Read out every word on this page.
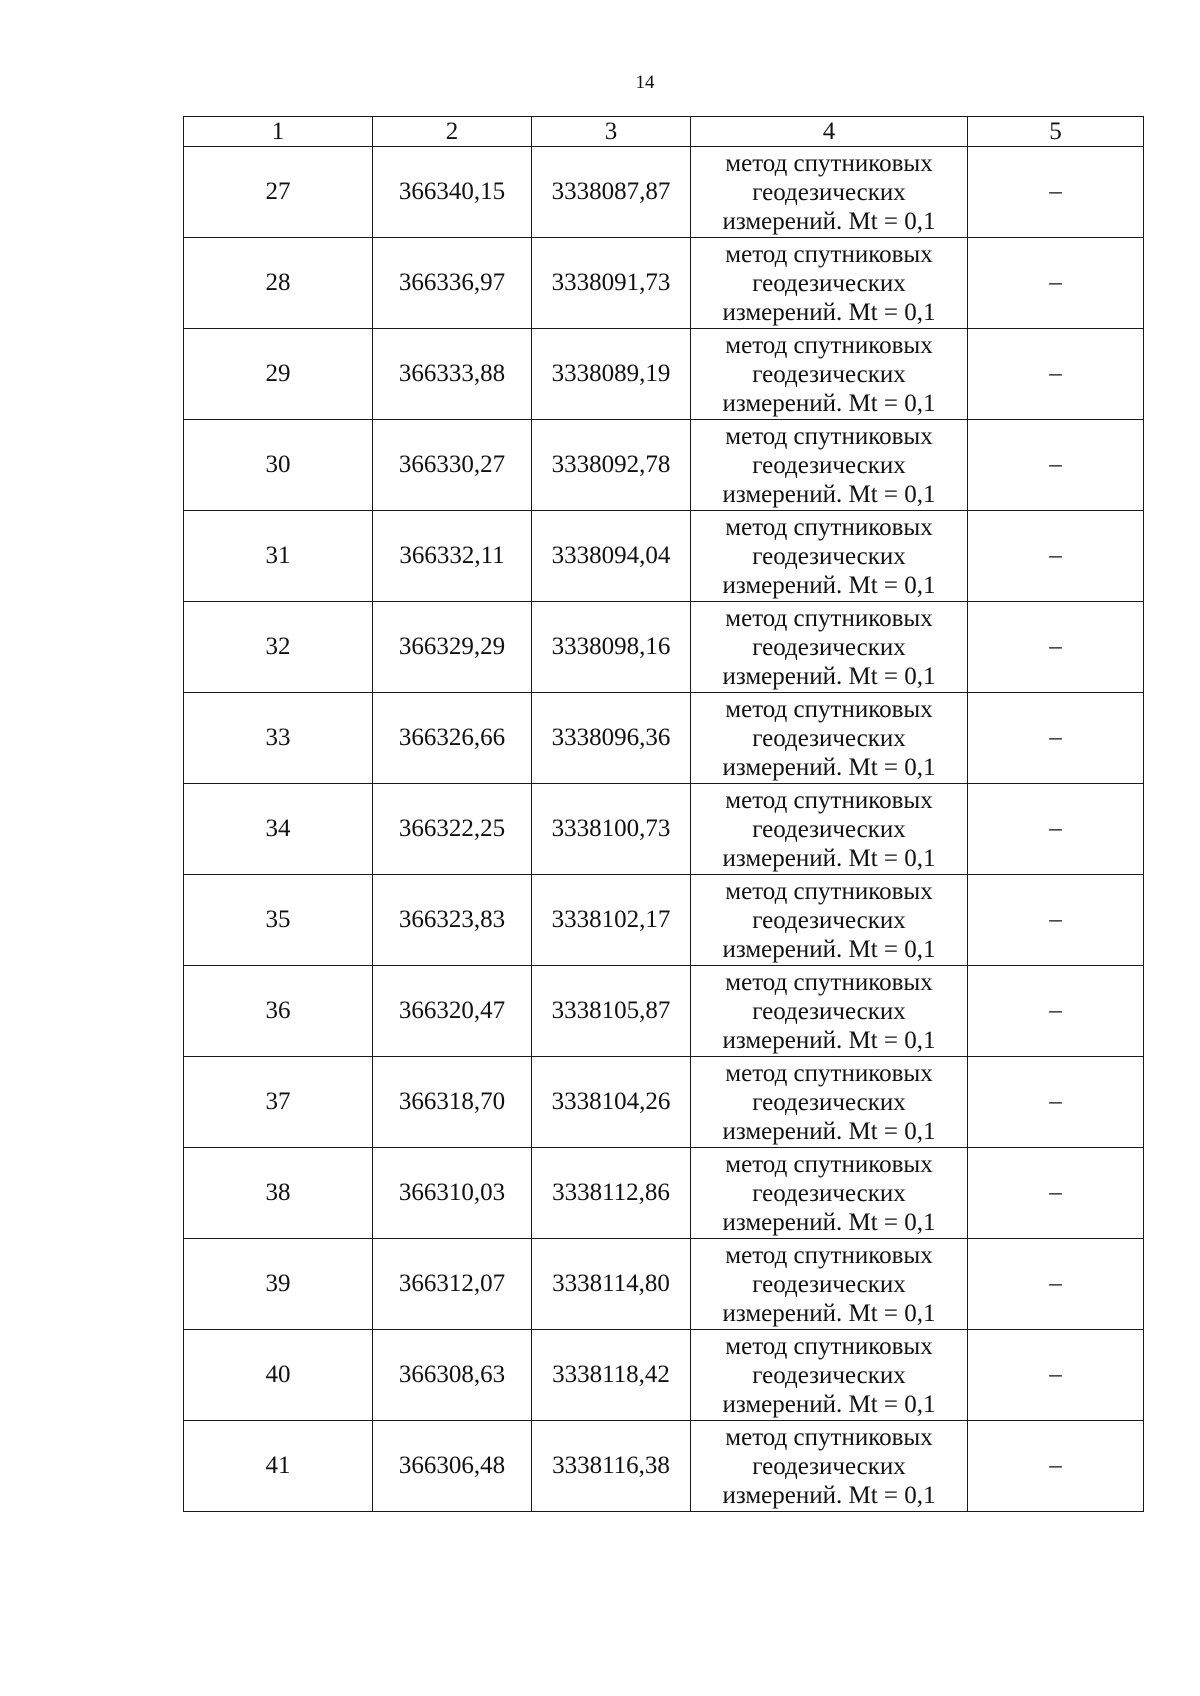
14
1	2	3	4	5
27	366340,15	3338087,87	метод спутниковых
геодезических
измерений. Mt = 0,1	–
28	366336,97	3338091,73	метод спутниковых
геодезических
измерений. Mt = 0,1	–
29	366333,88	3338089,19	метод спутниковых
геодезических
измерений. Mt = 0,1	–
30	366330,27	3338092,78	метод спутниковых
геодезических
измерений. Mt = 0,1	–
31	366332,11	3338094,04	метод спутниковых
геодезических
измерений. Mt = 0,1	–
32	366329,29	3338098,16	метод спутниковых
геодезических
измерений. Mt = 0,1	–
33	366326,66	3338096,36	метод спутниковых
геодезических
измерений. Mt = 0,1	–
34	366322,25	3338100,73	метод спутниковых
геодезических
измерений. Mt = 0,1	–
35	366323,83	3338102,17	метод спутниковых
геодезических
измерений. Mt = 0,1	–
36	366320,47	3338105,87	метод спутниковых
геодезических
измерений. Mt = 0,1	–
37	366318,70	3338104,26	метод спутниковых
геодезических
измерений. Mt = 0,1	–
38	366310,03	3338112,86	метод спутниковых
геодезических
измерений. Mt = 0,1	–
39	366312,07	3338114,80	метод спутниковых
геодезических
измерений. Mt = 0,1	–
40	366308,63	3338118,42	метод спутниковых
геодезических
измерений. Mt = 0,1	–
41	366306,48	3338116,38	метод спутниковых
геодезических
измерений. Mt = 0,1	–
